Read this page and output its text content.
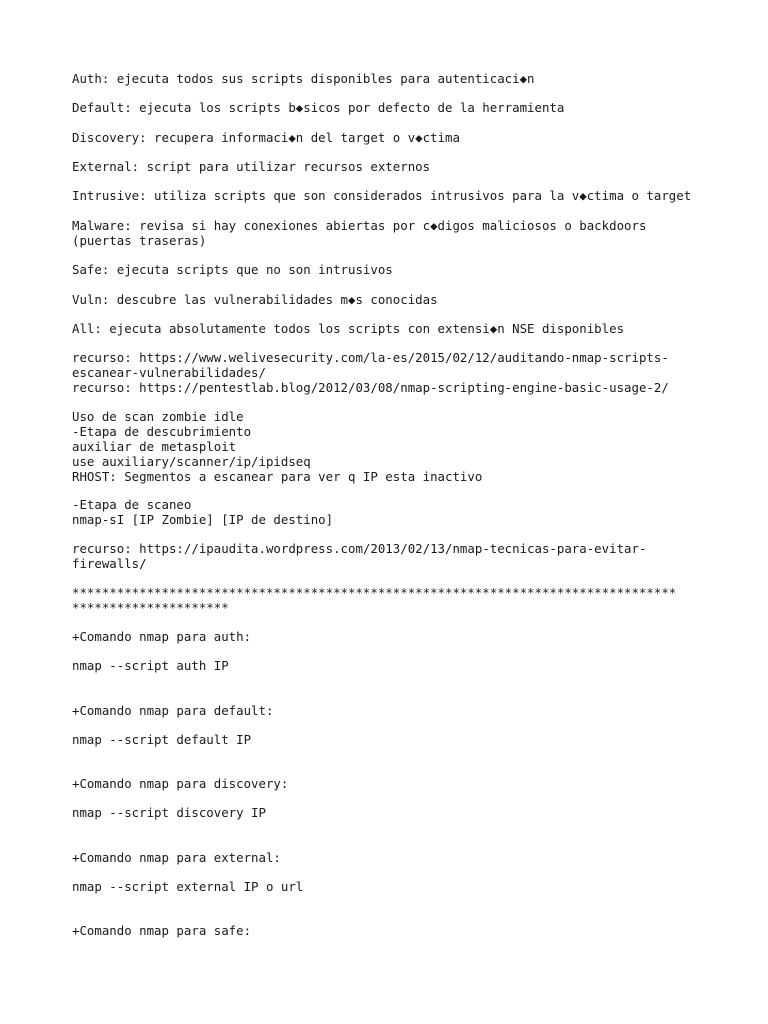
Auth: ejecuta todos sus scripts disponibles para autenticaci◆n

Default: ejecuta los scripts b◆sicos por defecto de la herramienta

Discovery: recupera informaci◆n del target o v◆ctima

External: script para utilizar recursos externos

Intrusive: utiliza scripts que son considerados intrusivos para la v◆ctima o target

Malware: revisa si hay conexiones abiertas por c◆digos maliciosos o backdoors

(puertas traseras)

Safe: ejecuta scripts que no son intrusivos

Vuln: descubre las vulnerabilidades m◆s conocidas

All: ejecuta absolutamente todos los scripts con extensi◆n NSE disponibles

recurso: https://www.welivesecurity.com/la-es/2015/02/12/auditando-nmap-scripts-

escanear-vulnerabilidades/

recurso: https://pentestlab.blog/2012/03/08/nmap-scripting-engine-basic-usage-2/

Uso de scan zombie idle

-Etapa de descubrimiento

auxiliar de metasploit

use auxiliary/scanner/ip/ipidseq

RHOST: Segmentos a escanear para ver q IP esta inactivo

-Etapa de scaneo

nmap-sI [IP Zombie] [IP de destino]

recurso: https://ipaudita.wordpress.com/2013/02/13/nmap-tecnicas-para-evitar-

firewalls/

*********************************************************************************

*********************

+Comando nmap para auth:

nmap --script auth IP

+Comando nmap para default:

nmap --script default IP

+Comando nmap para discovery:

nmap --script discovery IP

+Comando nmap para external:

nmap --script external IP o url

+Comando nmap para safe:
